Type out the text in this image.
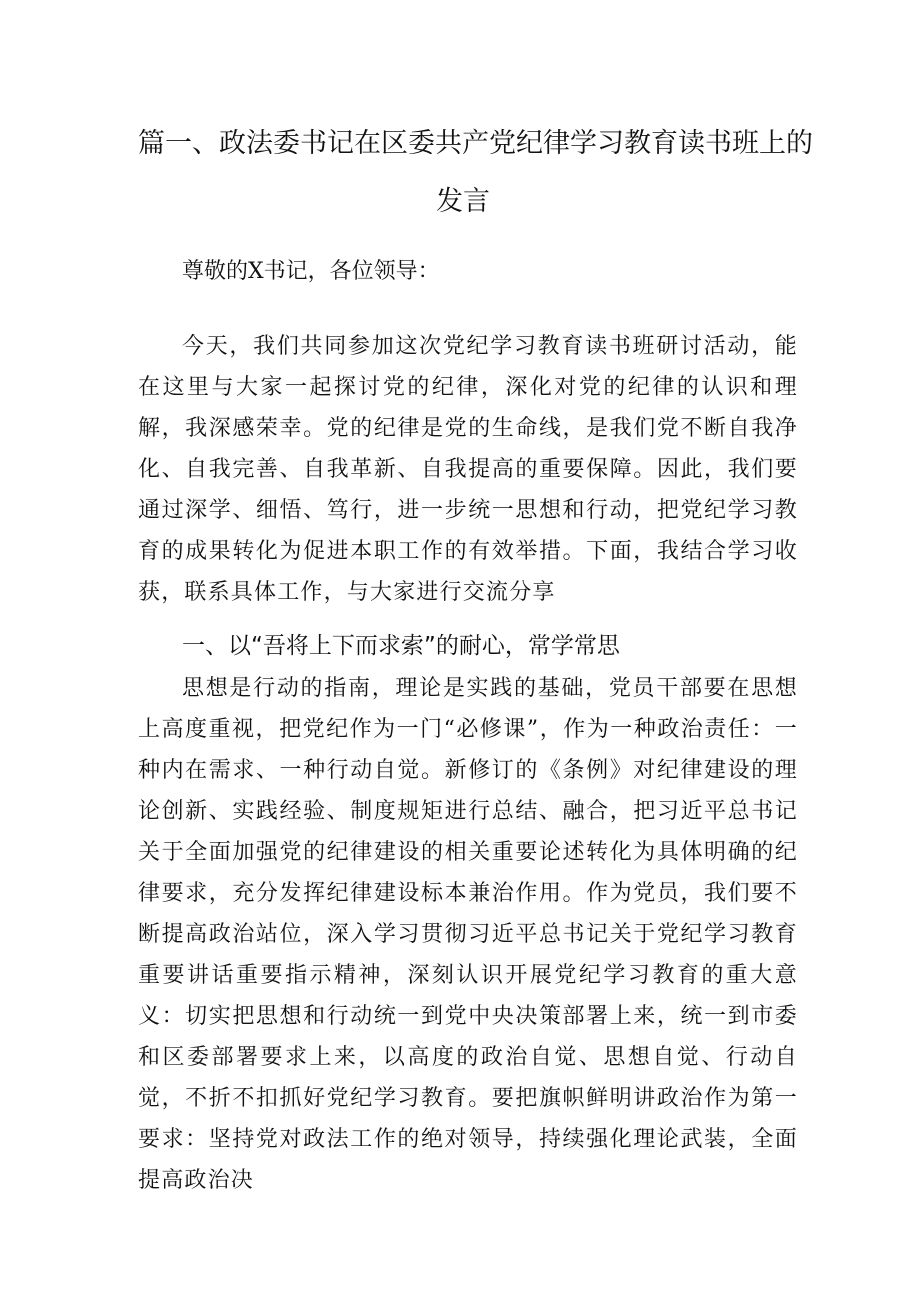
篇一、政法委书记在区委共产党纪律学习教育读书班上的
发言
尊敬的X书记，各位领导：
今天，我们共同参加这次党纪学习教育读书班研讨活动，能在这里与大家一起探讨党的纪律，深化对党的纪律的认识和理解，我深感荣幸。党的纪律是党的生命线，是我们党不断自我净化、自我完善、自我革新、自我提高的重要保障。因此，我们要通过深学、细悟、笃行，进一步统一思想和行动，把党纪学习教育的成果转化为促进本职工作的有效举措。下面，我结合学习收获，联系具体工作，与大家进行交流分享
一、以“吾将上下而求索”的耐心，常学常思
思想是行动的指南，理论是实践的基础，党员干部要在思想上高度重视，把党纪作为一门“必修课”，作为一种政治责任：一种内在需求、一种行动自觉。新修订的《条例》对纪律建设的理论创新、实践经验、制度规矩进行总结、融合，把习近平总书记关于全面加强党的纪律建设的相关重要论述转化为具体明确的纪律要求，充分发挥纪律建设标本兼治作用。作为党员，我们要不断提高政治站位，深入学习贯彻习近平总书记关于党纪学习教育重要讲话重要指示精神，深刻认识开展党纪学习教育的重大意义：切实把思想和行动统一到党中央决策部署上来，统一到市委和区委部署要求上来，以高度的政治自觉、思想自觉、行动自觉，不折不扣抓好党纪学习教育。要把旗帜鲜明讲政治作为第一要求：坚持党对政法工作的绝对领导，持续强化理论武装，全面提高政治决
